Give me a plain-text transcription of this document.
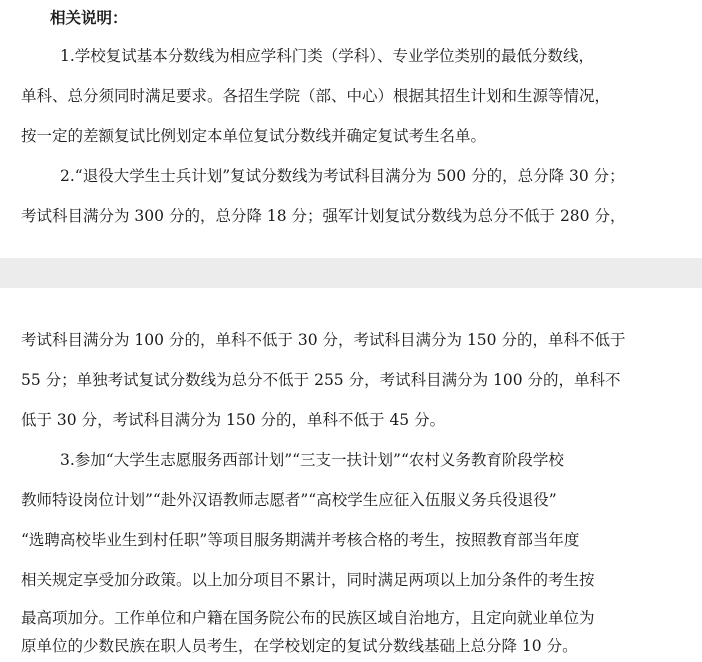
相关说明：
1.学校复试基本分数线为相应学科门类（学科）、专业学位类别的最低分数线，
单科、总分须同时满足要求。各招生学院（部、中心）根据其招生计划和生源等情况，
按一定的差额复试比例划定本单位复试分数线并确定复试考生名单。
2.“退役大学生士兵计划”复试分数线为考试科目满分为 500 分的，总分降 30 分；
考试科目满分为 300 分的，总分降 18 分；强军计划复试分数线为总分不低于 280 分，
考试科目满分为 100 分的，单科不低于 30 分，考试科目满分为 150 分的，单科不低于
55 分；单独考试复试分数线为总分不低于 255 分，考试科目满分为 100 分的，单科不
低于 30 分，考试科目满分为 150 分的，单科不低于 45 分。
3.参加“大学生志愿服务西部计划”“三支一扶计划”“农村义务教育阶段学校
教师特设岗位计划”“赴外汉语教师志愿者”“高校学生应征入伍服义务兵役退役”
“选聘高校毕业生到村任职”等项目服务期满并考核合格的考生，按照教育部当年度
相关规定享受加分政策。以上加分项目不累计，同时满足两项以上加分条件的考生按
最高项加分。工作单位和户籍在国务院公布的民族区域自治地方，且定向就业单位为
原单位的少数民族在职人员考生，在学校划定的复试分数线基础上总分降 10 分。
